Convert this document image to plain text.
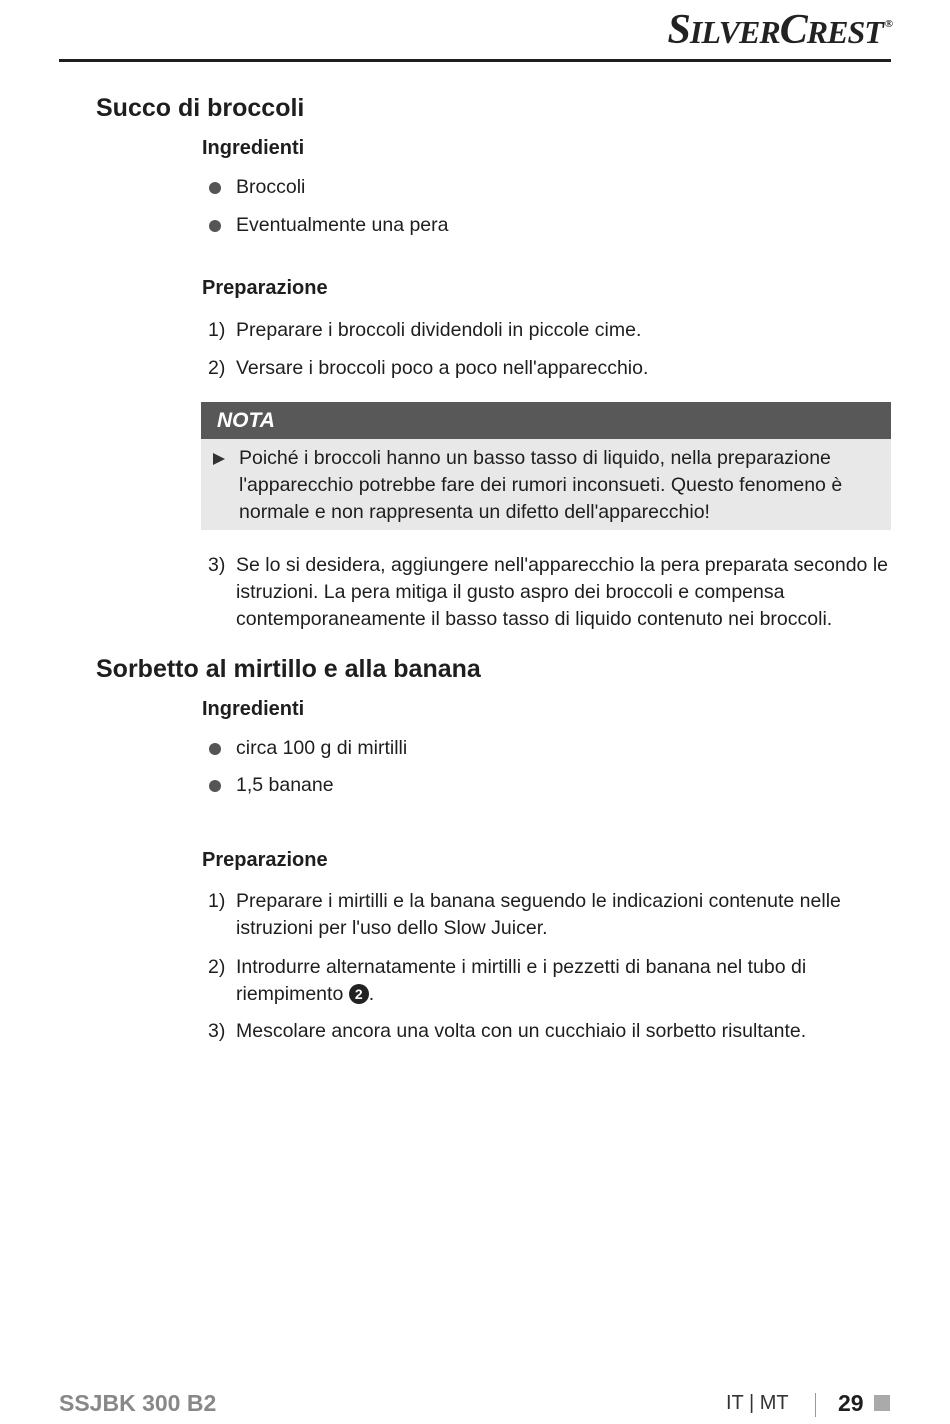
SILVERCREST ®
Succo di broccoli
Ingredienti
Broccoli
Eventualmente una pera
Preparazione
1) Preparare i broccoli dividendoli in piccole cime.
2) Versare i broccoli poco a poco nell'apparecchio.
NOTA
Poiché i broccoli hanno un basso tasso di liquido, nella preparazione l'apparecchio potrebbe fare dei rumori inconsueti. Questo fenomeno è normale e non rappresenta un difetto dell'apparecchio!
3) Se lo si desidera, aggiungere nell'apparecchio la pera preparata secondo le istruzioni. La pera mitiga il gusto aspro dei broccoli e compensa contemporaneamente il basso tasso di liquido contenuto nei broccoli.
Sorbetto al mirtillo e alla banana
Ingredienti
circa 100 g di mirtilli
1,5 banane
Preparazione
1) Preparare i mirtilli e la banana seguendo le indicazioni contenute nelle istruzioni per l'uso dello Slow Juicer.
2) Introdurre alternatamente i mirtilli e i pezzetti di banana nel tubo di riempimento 2 .
3) Mescolare ancora una volta con un cucchiaio il sorbetto risultante.
SSJBK 300 B2	IT | MT 29
